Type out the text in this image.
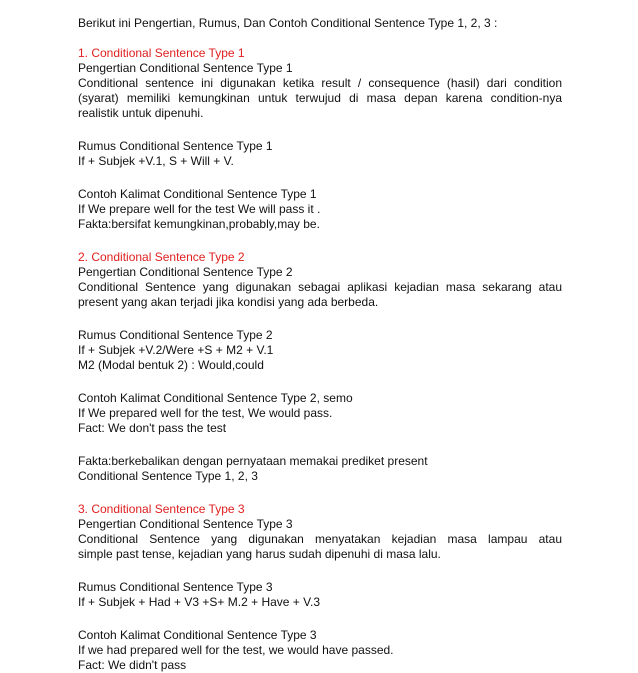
Berikut ini Pengertian, Rumus, Dan Contoh Conditional Sentence Type 1, 2, 3 :
1. Conditional Sentence Type 1
Pengertian Conditional Sentence Type 1
Conditional sentence ini digunakan ketika result / consequence (hasil) dari condition
(syarat) memiliki kemungkinan untuk terwujud di masa depan karena condition-nya
realistik untuk dipenuhi.
Rumus Conditional Sentence Type 1
If + Subjek +V.1, S + Will + V.
Contoh Kalimat Conditional Sentence Type 1
If We prepare well for the test We will pass it .
Fakta:bersifat kemungkinan,probably,may be.
2. Conditional Sentence Type 2
Pengertian Conditional Sentence Type 2
Conditional Sentence yang digunakan sebagai aplikasi kejadian masa sekarang atau
present yang akan terjadi jika kondisi yang ada berbeda.
Rumus Conditional Sentence Type 2
If + Subjek +V.2/Were +S + M2 + V.1
M2 (Modal bentuk 2) : Would,could
Contoh Kalimat Conditional Sentence Type 2, semo
If We prepared well for the test, We would pass.
Fact: We don't pass the test
Fakta:berkebalikan dengan pernyataan memakai prediket present
Conditional Sentence Type 1, 2, 3
3. Conditional Sentence Type 3
Pengertian Conditional Sentence Type 3
Conditional Sentence yang digunakan menyatakan kejadian masa lampau atau
simple past tense, kejadian yang harus sudah dipenuhi di masa lalu.
Rumus Conditional Sentence Type 3
If + Subjek + Had + V3 +S+ M.2 + Have + V.3
Contoh Kalimat Conditional Sentence Type 3
If we had prepared well for the test, we would have passed.
Fact: We didn't pass
